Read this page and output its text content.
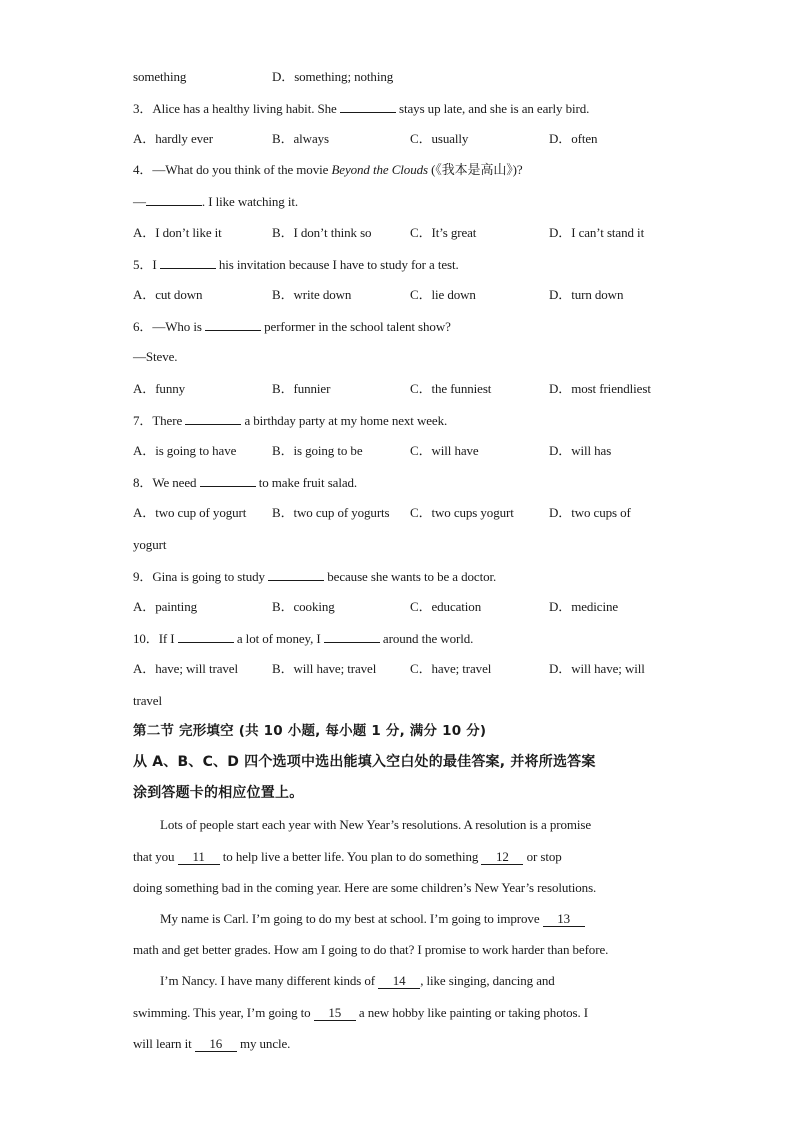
something	D．something; nothing
3．Alice has a healthy living habit. She	stays up late, and she is an early bird.
A．hardly ever	B．always	C．usually	D．often
4．—What do you think of the movie Beyond the Clouds (《我本是高山》)?
—	. I like watching it.
A．I don’t like it	B．I don’t think so	C．It’s great	D．I can’t stand it
5．I	his invitation because I have to study for a test.
A．cut down	B．write down	C．lie down	D．turn down
6．—Who is	performer in the school talent show?
—Steve.
A．funny	B．funnier	C．the funniest	D．most friendliest
7．There	a birthday party at my home next week.
A．is going to have	B．is going to be	C．will have	D．will has
8．We need	to make fruit salad.
A．two cup of yogurt B．two cup of yogurts C．two cups yogurt	D．two cups of
yogurt
9．Gina is going to study	because she wants to be a doctor.
A．painting	B．cooking	C．education	D．medicine
10．If I	a lot of money, I	around the world.
A．have; will travel	B．will have; travel	C．have; travel	D．will have; will
travel
第二节 完形填空 (共 10 小题, 每小题 1 分, 满分 10 分)
从 A、B、C、D 四个选项中选出能填入空白处的最佳答案, 并将所选答案
涂到答题卡的相应位置上。
Lots of people start each year with New Year’s resolutions. A resolution is a promise
that you 11 to help live a better life. You plan to do something 12 or stop
doing something bad in the coming year. Here are some children’s New Year’s resolutions.
My name is Carl. I’m going to do my best at school. I’m going to improve 13
math and get better grades. How am I going to do that? I promise to work harder than before.
I’m Nancy. I have many different kinds of 14 , like singing, dancing and
swimming. This year, I’m going to 15 a new hobby like painting or taking photos. I
will learn it 16 my uncle.
